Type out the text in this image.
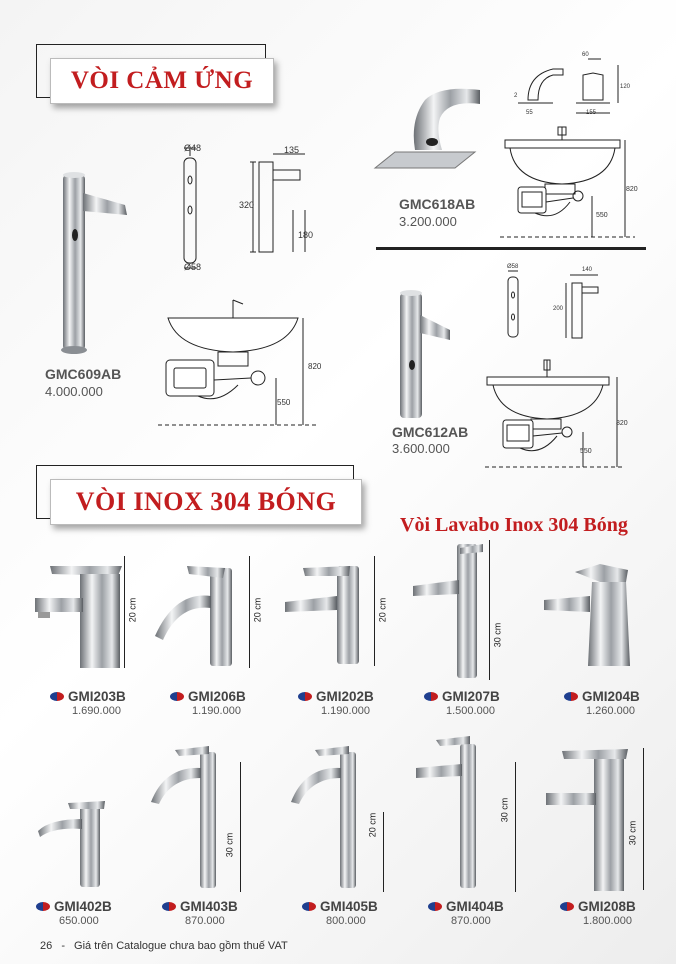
VÒI CẢM ỨNG
GMC609AB
4.000.000
Ø48
Ø58
135
320
180
820
550
GMC618AB
3.200.000
60
120
55	155
2
820
550
GMC612AB
3.600.000
Ø58	140
200
820
550
VÒI INOX 304 BÓNG
Vòi Lavabo Inox 304 Bóng
20 cm	20 cm	20 cm
30 cm
GMI203B
1.690.000
GMI206B
1.190.000
GMI202B
1.190.000
GMI207B
1.500.000
GMI204B
1.260.000
30 cm
20 cm
30 cm
30 cm
GMI402B
650.000
GMI403B
870.000
GMI405B
800.000
GMI404B
870.000
GMI208B
1.800.000
26 - Giá trên Catalogue chưa bao gồm thuế VAT
